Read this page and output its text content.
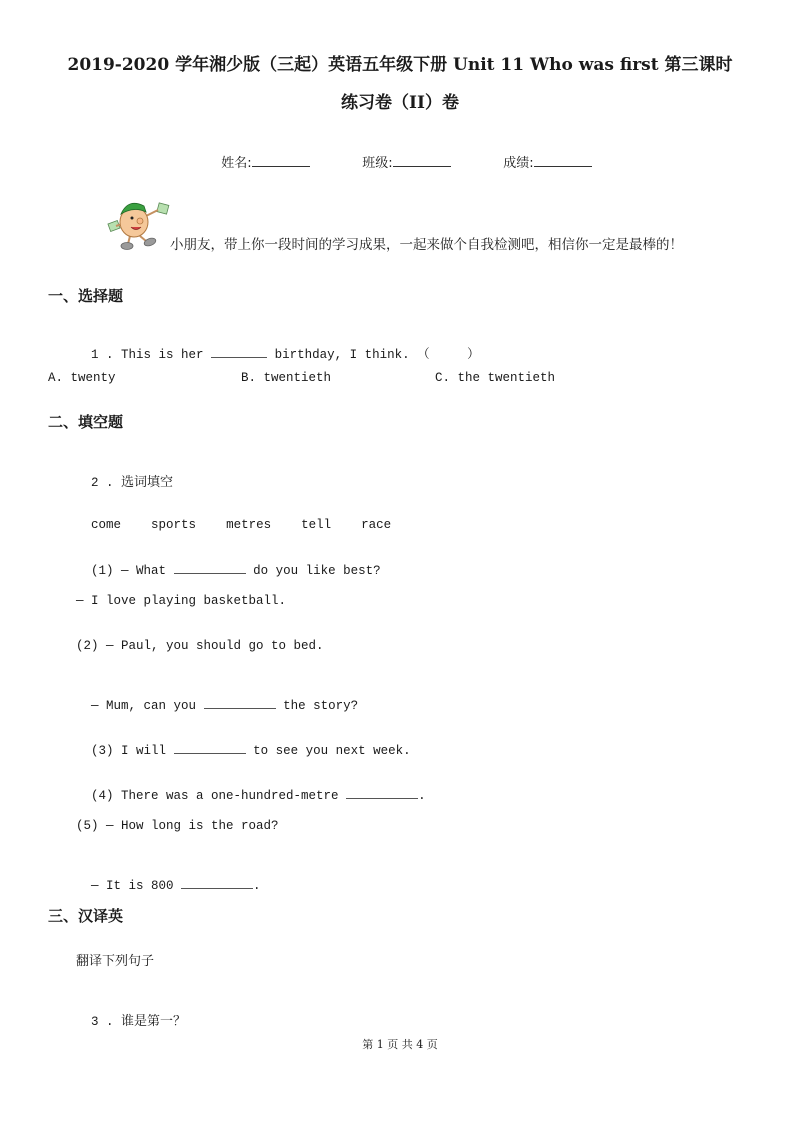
2019-2020 学年湘少版（三起）英语五年级下册 Unit 11 Who was first 第三课时
练习卷（II）卷

姓名:	班级:	成绩:

小朋友，带上你一段时间的学习成果，一起来做个自我检测吧，相信你一定是最棒的！
一、选择题

1 . This is her	birthday, I think. （     ）

A. twenty	B. twentieth	C. the twentieth
二、填空题

2 . 选词填空

come sports metres tell race

(1) — What	do you like best?

— I love playing basketball.
(2) — Paul, you should go to bed.

— Mum, can you	the story?

(3) I will	to see you next week.

(4) There was a one-hundred-metre	.

(5) — How long is the road?

— It is 800	.

三、汉译英
翻译下列句子

3 . 谁是第一？

第 1 页 共 4 页
